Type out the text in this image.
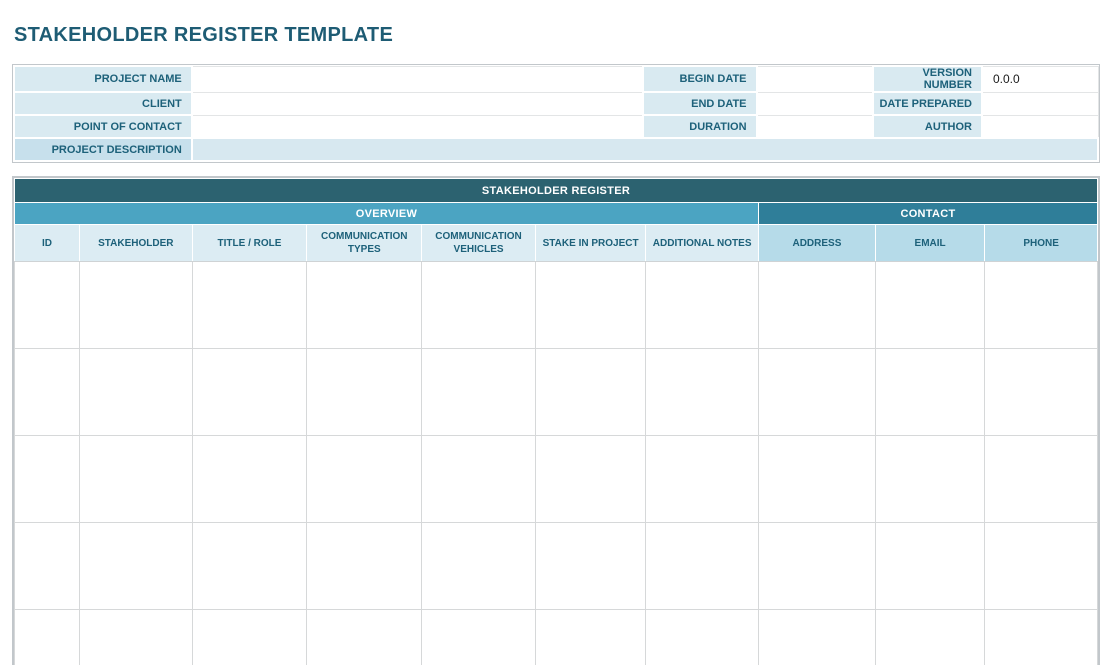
STAKEHOLDER REGISTER TEMPLATE
PROJECT NAME		BEGIN DATE		VERSION NUMBER	0.0.0
CLIENT		END DATE		DATE PREPARED	
POINT OF CONTACT		DURATION		AUTHOR	
PROJECT DESCRIPTION					
STAKEHOLDER REGISTER									
OVERVIEW							CONTACT		
ID	STAKEHOLDER	TITLE / ROLE	COMMUNICATION TYPES	COMMUNICATION VEHICLES	STAKE IN PROJECT	ADDITIONAL NOTES	ADDRESS	EMAIL	PHONE
